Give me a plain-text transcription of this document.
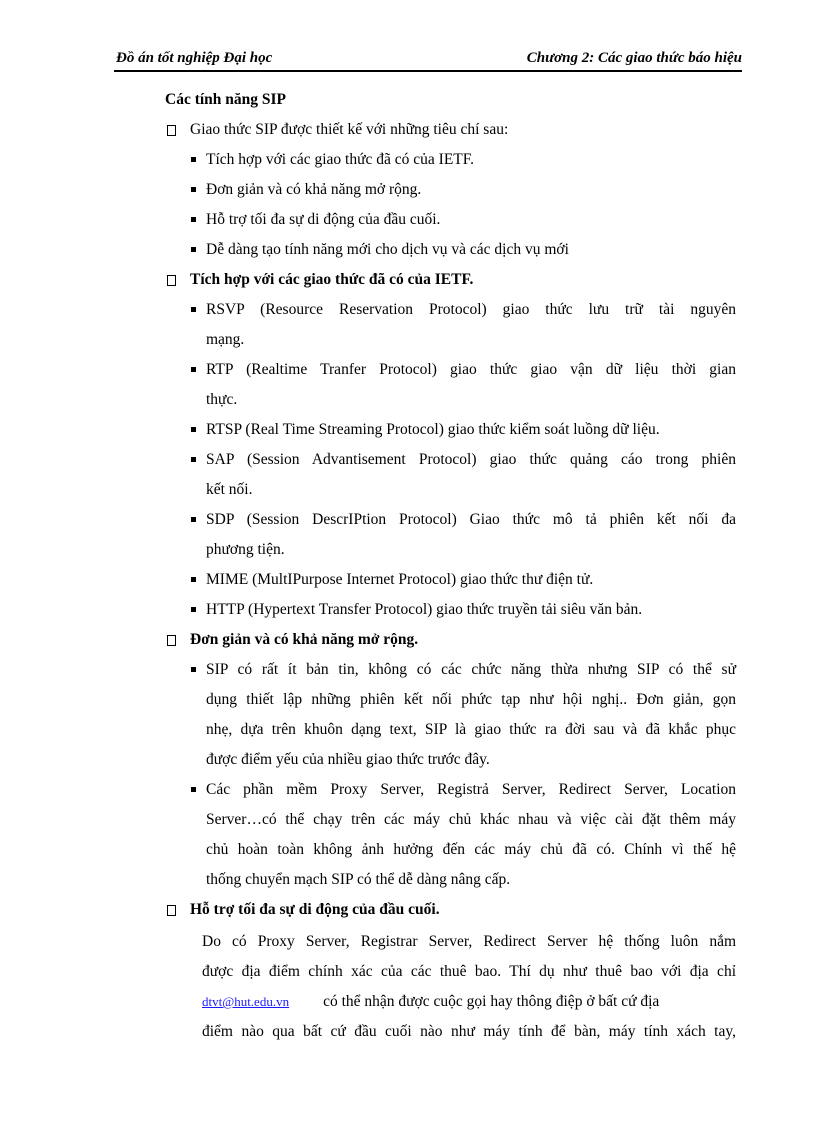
Đồ án tốt nghiệp Đại học	Chương 2: Các giao thức báo hiệu
Các tính năng SIP
Giao thức SIP được thiết kế với những tiêu chí sau:
Tích hợp với các giao thức đã có của IETF.
Đơn giản và có khả năng mở rộng.
Hỗ trợ tối đa sự di động của đầu cuối.
Dễ dàng tạo tính năng mới cho dịch vụ và các dịch vụ mới
Tích hợp với các giao thức đã có của IETF.
RSVP (Resource Reservation Protocol) giao thức lưu trữ tài nguyên
mạng.
RTP (Realtime Tranfer Protocol) giao thức giao vận dữ liệu thời gian
thực.
RTSP (Real Time Streaming Protocol) giao thức kiểm soát luồng dữ liệu.
SAP (Session Advantisement Protocol) giao thức quảng cáo trong phiên
kết nối.
SDP (Session DescrIPtion Protocol) Giao thức mô tả phiên kết nối đa
phương tiện.
MIME (MultIPurpose Internet Protocol) giao thức thư điện tử.
HTTP (Hypertext Transfer Protocol) giao thức truyền tải siêu văn bản.
Đơn giản và có khả năng mở rộng.
SIP có rất ít bản tin, không có các chức năng thừa nhưng SIP có thể sử
dụng thiết lập những phiên kết nối phức tạp như hội nghị.. Đơn giản, gọn
nhẹ, dựa trên khuôn dạng text, SIP là giao thức ra đời sau và đã khắc phục
được điểm yếu của nhiều giao thức trước đây.
Các phần mềm Proxy Server, Registrả Server, Redirect Server, Location
Server…có thể chạy trên các máy chủ khác nhau và việc cài đặt thêm máy
chủ hoàn toàn không ảnh hưởng đến các máy chủ đã có. Chính vì thế hệ
thống chuyển mạch SIP có thể dễ dàng nâng cấp.
Hỗ trợ tối đa sự di động của đầu cuối.
Do có Proxy Server, Registrar Server, Redirect Server hệ thống luôn nắm
được địa điểm chính xác của các thuê bao. Thí dụ như thuê bao với địa chỉ
dtvt@hut.edu.vn có thể nhận được cuộc gọi hay thông điệp ở bất cứ địa
điểm nào qua bất cứ đầu cuối nào như máy tính để bàn, máy tính xách tay,
